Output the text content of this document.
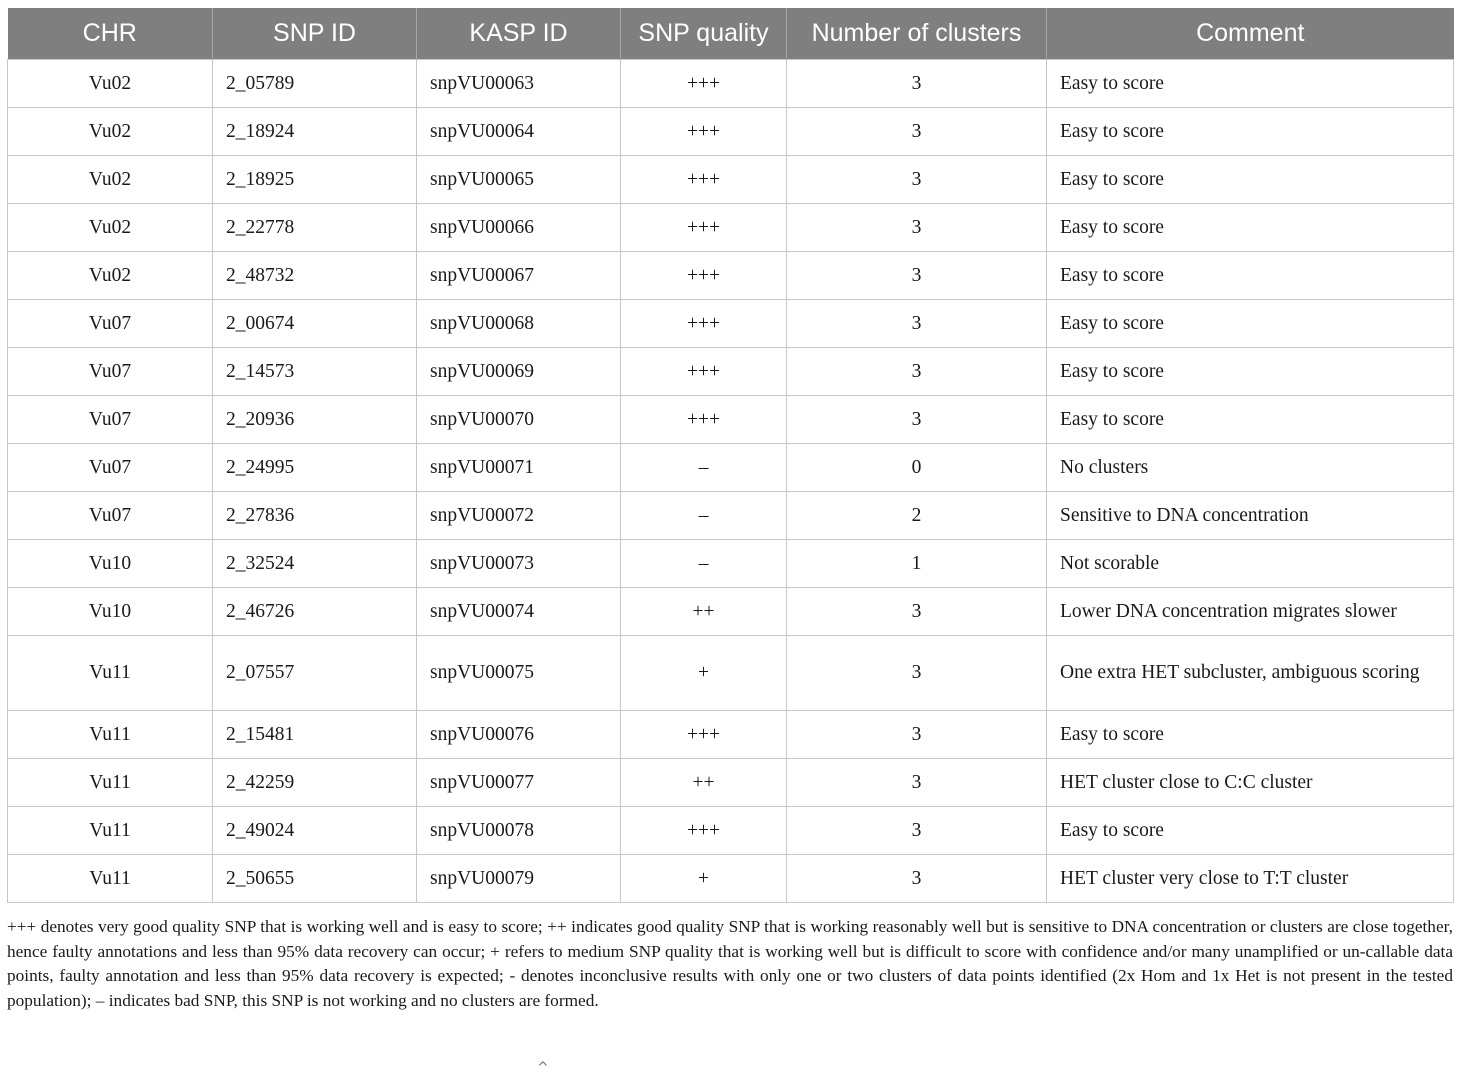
CHR	SNP ID	KASP ID	SNP quality	Number of clusters	Comment
Vu02	2_05789	snpVU00063	+++	3	Easy to score
Vu02	2_18924	snpVU00064	+++	3	Easy to score
Vu02	2_18925	snpVU00065	+++	3	Easy to score
Vu02	2_22778	snpVU00066	+++	3	Easy to score
Vu02	2_48732	snpVU00067	+++	3	Easy to score
Vu07	2_00674	snpVU00068	+++	3	Easy to score
Vu07	2_14573	snpVU00069	+++	3	Easy to score
Vu07	2_20936	snpVU00070	+++	3	Easy to score
Vu07	2_24995	snpVU00071	–	0	No clusters
Vu07	2_27836	snpVU00072	–	2	Sensitive to DNA concentration
Vu10	2_32524	snpVU00073	–	1	Not scorable
Vu10	2_46726	snpVU00074	++	3	Lower DNA concentration migrates slower
Vu11	2_07557	snpVU00075	+	3	One extra HET subcluster, ambiguous scoring
Vu11	2_15481	snpVU00076	+++	3	Easy to score
Vu11	2_42259	snpVU00077	++	3	HET cluster close to C:C cluster
Vu11	2_49024	snpVU00078	+++	3	Easy to score
Vu11	2_50655	snpVU00079	+	3	HET cluster very close to T:T cluster

+++ denotes very good quality SNP that is working well and is easy to score; ++ indicates good quality SNP that is working reasonably well but is sensitive to DNA concentration or clusters are close together, hence faulty annotations and less than 95% data recovery can occur; + refers to medium SNP quality that is working well but is difficult to score with confidence and/or many unamplified or un-callable data points, faulty annotation and less than 95% data recovery is expected; - denotes inconclusive results with only one or two clusters of data points identified (2x Hom and 1x Het is not present in the tested population); – indicates bad SNP, this SNP is not working and no clusters are formed.

^
